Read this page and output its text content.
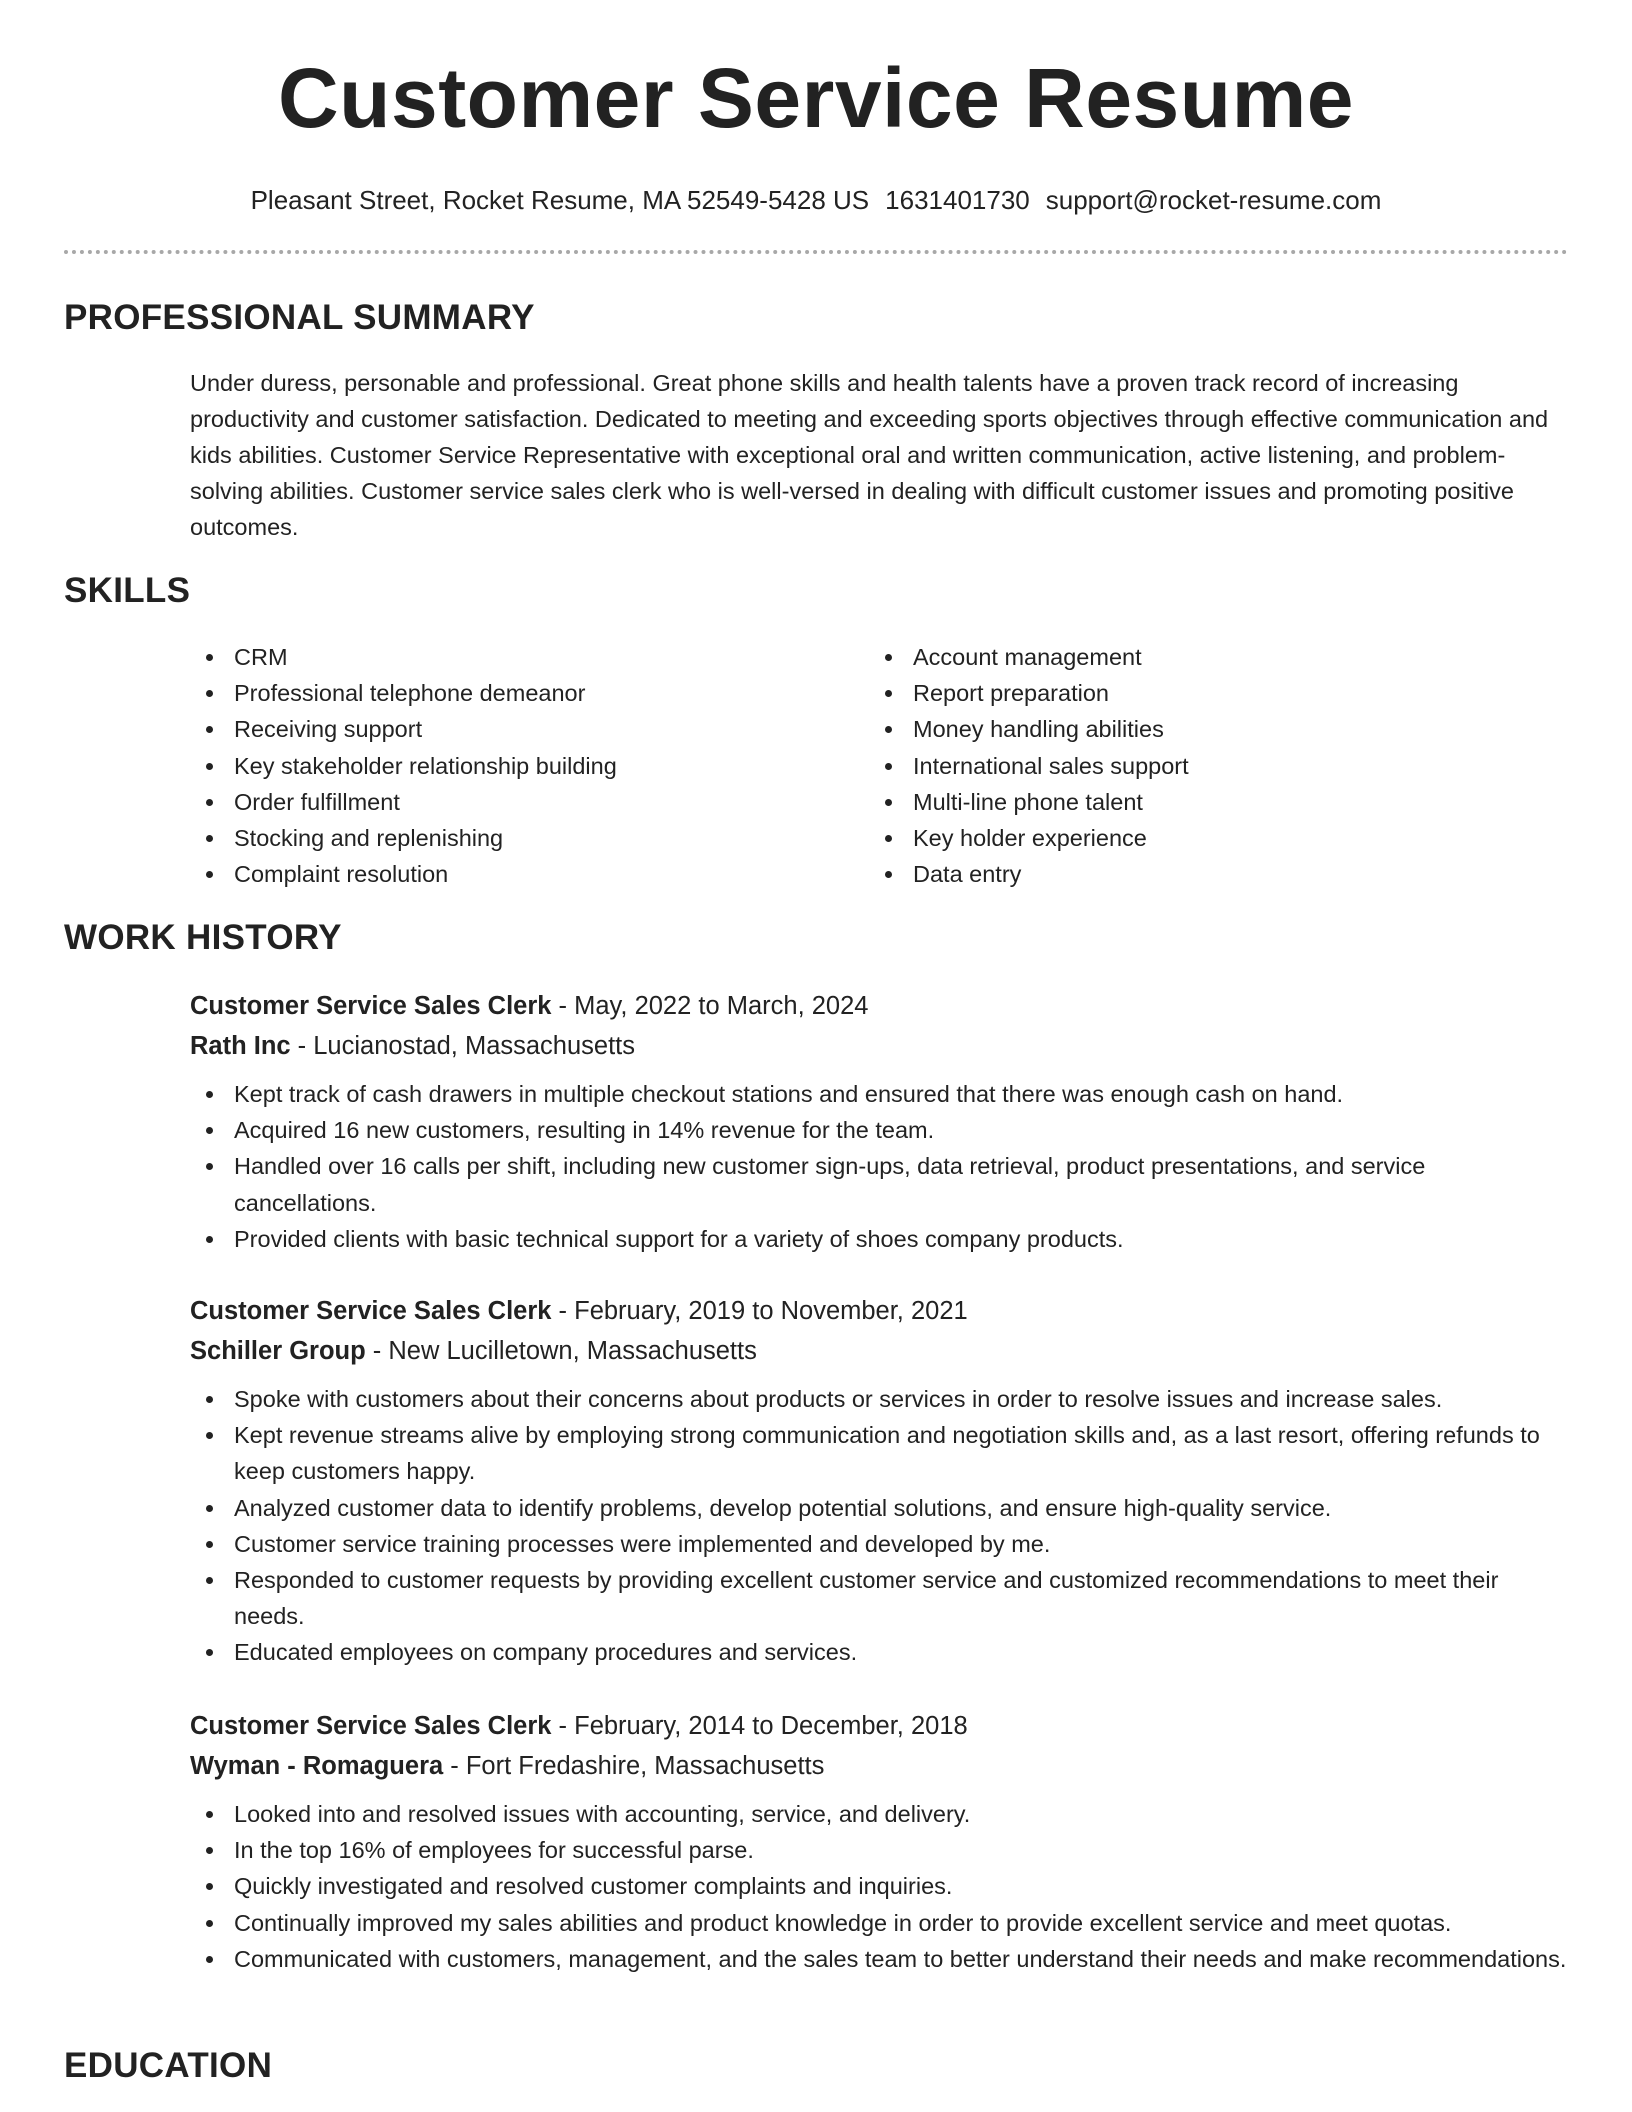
Customer Service Resume
Pleasant Street, Rocket Resume, MA 52549-5428 US 1631401730 support@rocket-resume.com
PROFESSIONAL SUMMARY
Under duress, personable and professional. Great phone skills and health talents have a proven track record of increasing productivity and customer satisfaction. Dedicated to meeting and exceeding sports objectives through effective communication and kids abilities. Customer Service Representative with exceptional oral and written communication, active listening, and problem-solving abilities. Customer service sales clerk who is well-versed in dealing with difficult customer issues and promoting positive outcomes.
SKILLS
CRM
Professional telephone demeanor
Receiving support
Key stakeholder relationship building
Order fulfillment
Stocking and replenishing
Complaint resolution
Account management
Report preparation
Money handling abilities
International sales support
Multi-line phone talent
Key holder experience
Data entry
WORK HISTORY
Customer Service Sales Clerk - May, 2022 to March, 2024
Rath Inc - Lucianostad, Massachusetts
Kept track of cash drawers in multiple checkout stations and ensured that there was enough cash on hand.
Acquired 16 new customers, resulting in 14% revenue for the team.
Handled over 16 calls per shift, including new customer sign-ups, data retrieval, product presentations, and service cancellations.
Provided clients with basic technical support for a variety of shoes company products.
Customer Service Sales Clerk - February, 2019 to November, 2021
Schiller Group - New Lucilletown, Massachusetts
Spoke with customers about their concerns about products or services in order to resolve issues and increase sales.
Kept revenue streams alive by employing strong communication and negotiation skills and, as a last resort, offering refunds to keep customers happy.
Analyzed customer data to identify problems, develop potential solutions, and ensure high-quality service.
Customer service training processes were implemented and developed by me.
Responded to customer requests by providing excellent customer service and customized recommendations to meet their needs.
Educated employees on company procedures and services.
Customer Service Sales Clerk - February, 2014 to December, 2018
Wyman - Romaguera - Fort Fredashire, Massachusetts
Looked into and resolved issues with accounting, service, and delivery.
In the top 16% of employees for successful parse.
Quickly investigated and resolved customer complaints and inquiries.
Continually improved my sales abilities and product knowledge in order to provide excellent service and meet quotas.
Communicated with customers, management, and the sales team to better understand their needs and make recommendations.
EDUCATION
